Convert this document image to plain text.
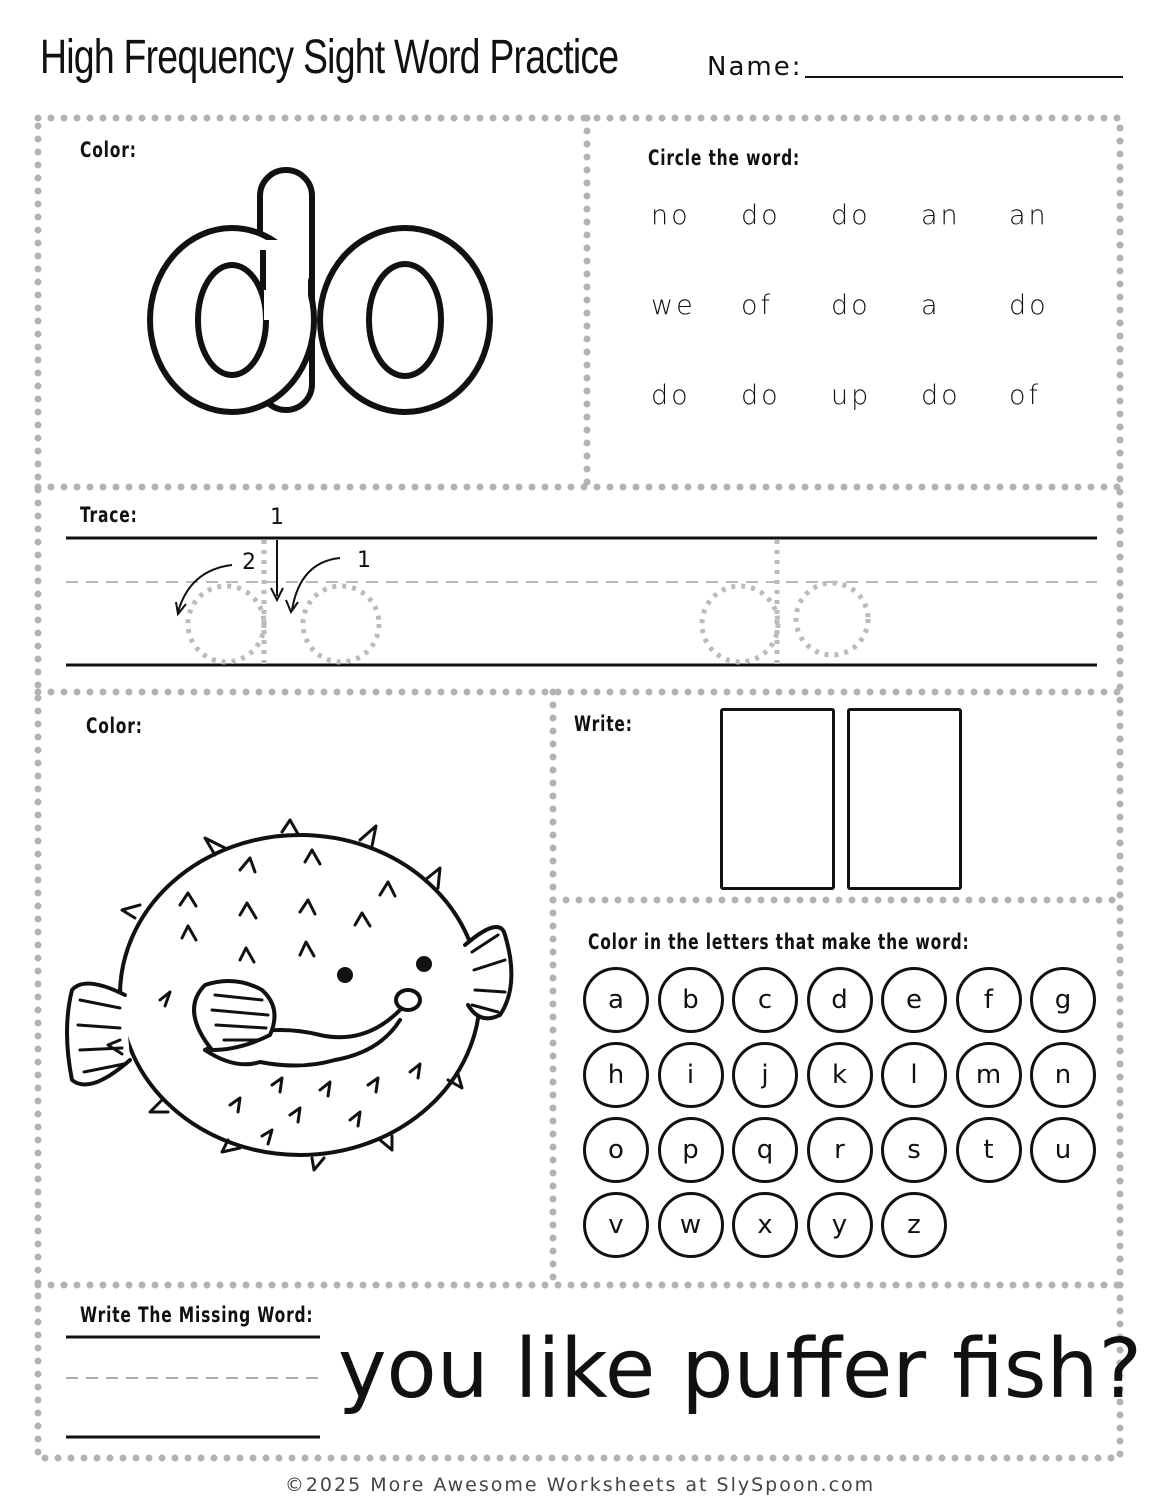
High Frequency Sight Word Practice	Name:
Color:	Circle the word:
no do do an an
we of do a	do
do do up do of
Trace:	1
2	1
Color:	Write:
Color in the letters that make the word:
a	b	c	d	e	f	g
h	i	j	k	l	m	n
o	p	q	r	s	t	u
v	w	x	y	z
Write The Missing Word:
you like puffer fish?
©2025 More Awesome Worksheets at SlySpoon.com
